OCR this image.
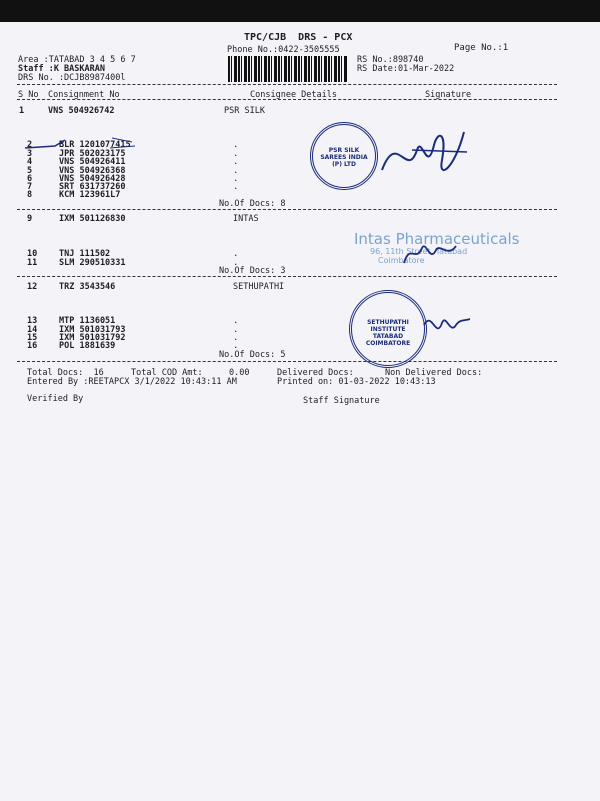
TPC/CJB  DRS - PCX
Phone No.:0422-3505555	Page No.:1
Area :TATABAD 3 4 5 6 7
Staff :K BASKARAN
DRS No. :DCJB8987400l
RS No.:898740
RS Date:01-Mar-2022
S No Consignment No	Consignee Details	Signature
1	VNS 504926742	PSR SILK
2	BLR 1201077415
3	JPR 502023175
4	VNS 504926411
5	VNS 504926368
6	VNS 504926428
7	SRT 631737260
8	KCM 123961L7
.
.
.
.
.
.
No.Of Docs: 8
9	IXM 501126830	INTAS
10	TNJ 111502
11	SLM 290510331
.
.
No.Of Docs: 3
12	TRZ 3543546	SETHUPATHI
13	MTP 1136051
14	IXM 501031793
15	IXM 501031792
16	POL 1881639
.
.
.
.
No.Of Docs: 5
Total Docs:  16	Total COD Amt:	0.00	Delivered Docs:	Non Delivered Docs:
Entered By :REETAPCX 3/1/2022 10:43:11 AM	Printed on: 01-03-2022 10:43:13
Verified By	Staff Signature
PSR SILK SAREES INDIA (P) LTD
Intas Pharmaceuticals
96, 11th Street, Tatabad
Coimbatore
SETHUPATHI INSTITUTE TATABAD COIMBATORE
